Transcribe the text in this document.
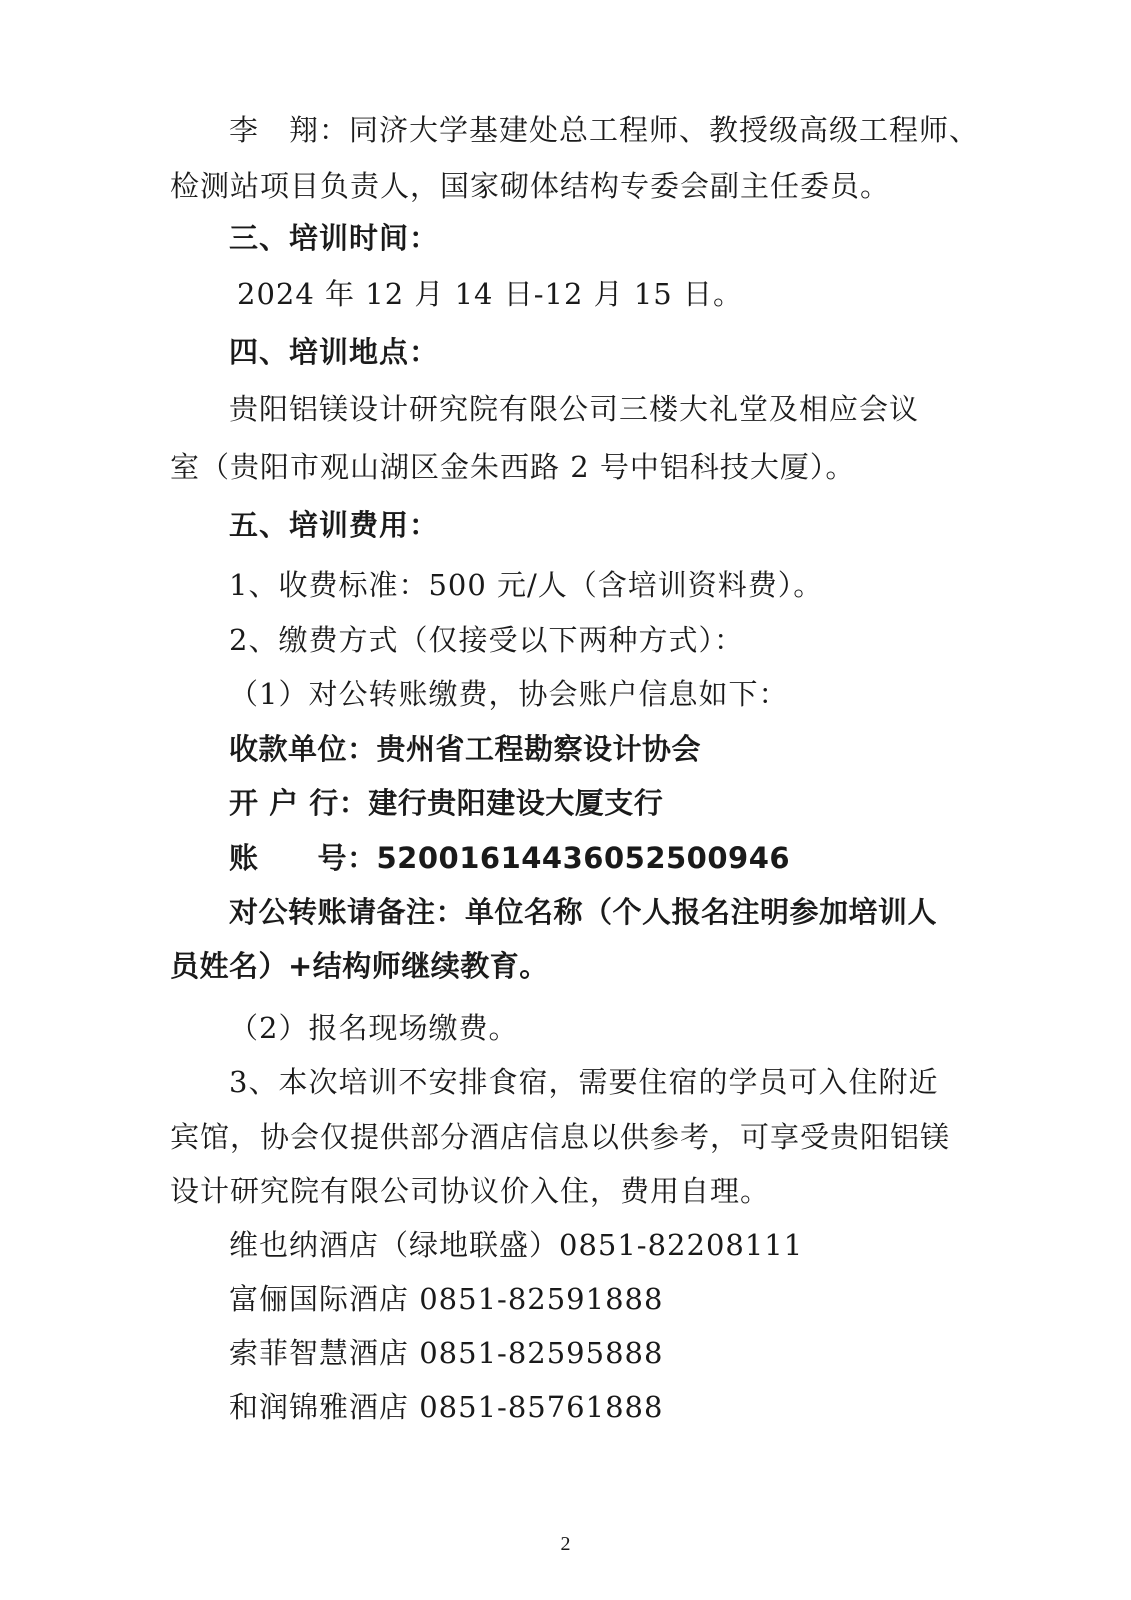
李　翔：同济大学基建处总工程师、教授级高级工程师、
检测站项目负责人，国家砌体结构专委会副主任委员。
三、培训时间：
2024 年 12 月 14 日-12 月 15 日。
四、培训地点：
贵阳铝镁设计研究院有限公司三楼大礼堂及相应会议
室（贵阳市观山湖区金朱西路 2 号中铝科技大厦）。
五、培训费用：
1、收费标准：500 元/人（含培训资料费）。
2、缴费方式（仅接受以下两种方式）：
（1）对公转账缴费，协会账户信息如下：
收款单位：贵州省工程勘察设计协会
开 户 行：建行贵阳建设大厦支行
账　　号：52001614436052500946
对公转账请备注：单位名称（个人报名注明参加培训人
员姓名）+结构师继续教育。
（2）报名现场缴费。
3、本次培训不安排食宿，需要住宿的学员可入住附近
宾馆，协会仅提供部分酒店信息以供参考，可享受贵阳铝镁
设计研究院有限公司协议价入住，费用自理。
维也纳酒店（绿地联盛）0851-82208111
富俪国际酒店 0851-82591888
索菲智慧酒店 0851-82595888
和润锦雅酒店 0851-85761888
2
